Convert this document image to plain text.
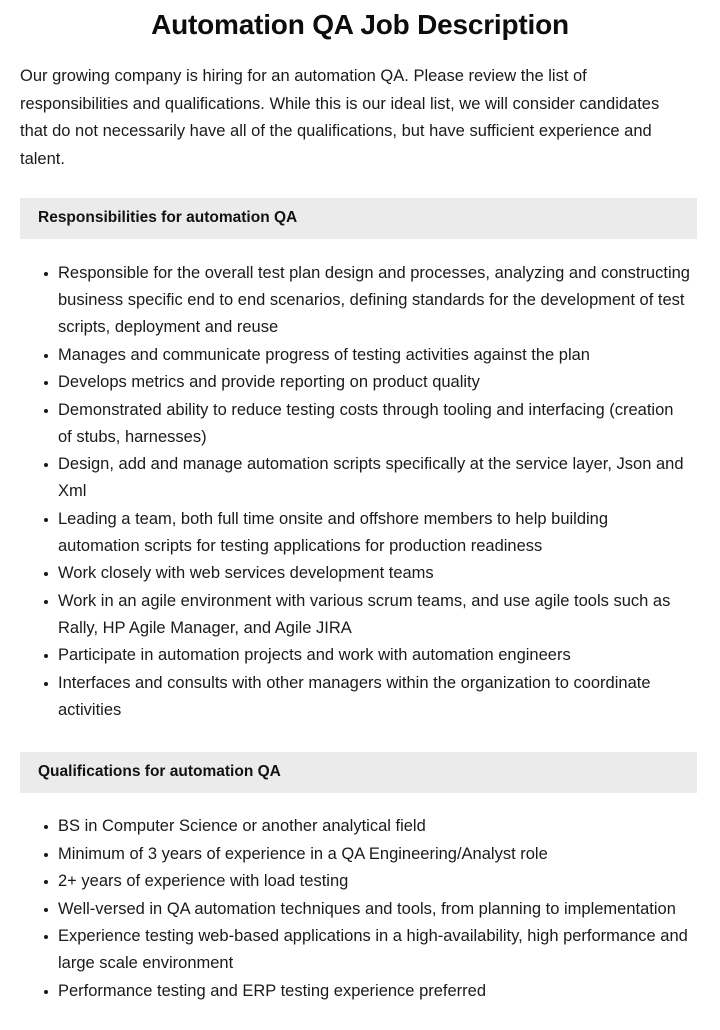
Automation QA Job Description

Our growing company is hiring for an automation QA. Please review the list of responsibilities and qualifications. While this is our ideal list, we will consider candidates that do not necessarily have all of the qualifications, but have sufficient experience and talent.

Responsibilities for automation QA
Responsible for the overall test plan design and processes, analyzing and constructing business specific end to end scenarios, defining standards for the development of test scripts, deployment and reuse
Manages and communicate progress of testing activities against the plan
Develops metrics and provide reporting on product quality
Demonstrated ability to reduce testing costs through tooling and interfacing (creation of stubs, harnesses)
Design, add and manage automation scripts specifically at the service layer, Json and Xml
Leading a team, both full time onsite and offshore members to help building automation scripts for testing applications for production readiness
Work closely with web services development teams
Work in an agile environment with various scrum teams, and use agile tools such as Rally, HP Agile Manager, and Agile JIRA
Participate in automation projects and work with automation engineers
Interfaces and consults with other managers within the organization to coordinate activities
Qualifications for automation QA
BS in Computer Science or another analytical field
Minimum of 3 years of experience in a QA Engineering/Analyst role
2+ years of experience with load testing
Well-versed in QA automation techniques and tools, from planning to implementation
Experience testing web-based applications in a high-availability, high performance and large scale environment
Performance testing and ERP testing experience preferred
